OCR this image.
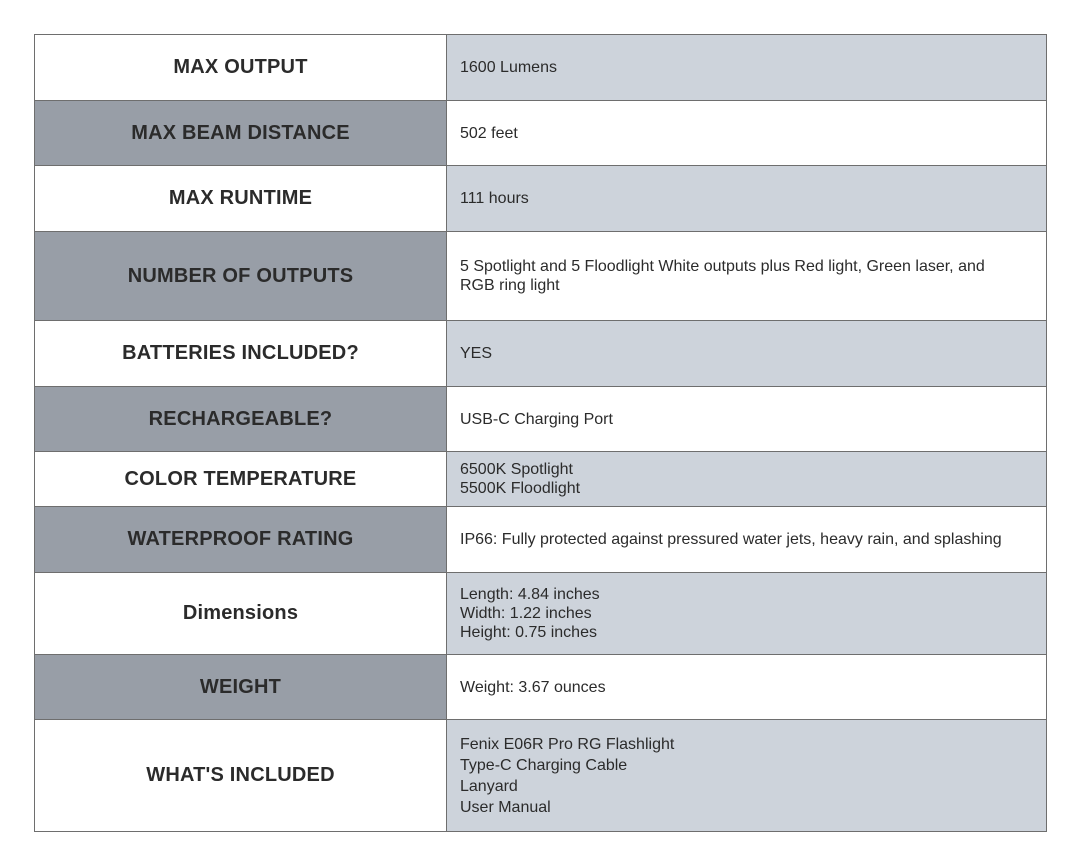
MAX OUTPUT	1600 Lumens

MAX BEAM DISTANCE	502 feet

MAX RUNTIME	111 hours

NUMBER OF OUTPUTS	5 Spotlight and 5 Floodlight White outputs plus Red light, Green laser, and RGB ring light

BATTERIES INCLUDED?	YES

RECHARGEABLE?	USB-C Charging Port

COLOR TEMPERATURE	6500K Spotlight
5500K Floodlight

WATERPROOF RATING	IP66: Fully protected against pressured water jets, heavy rain, and splashing

Dimensions	Length: 4.84 inches
Width: 1.22 inches
Height: 0.75 inches

WEIGHT	Weight: 3.67 ounces

WHAT'S INCLUDED	Fenix E06R Pro RG Flashlight
Type-C Charging Cable
Lanyard
User Manual
